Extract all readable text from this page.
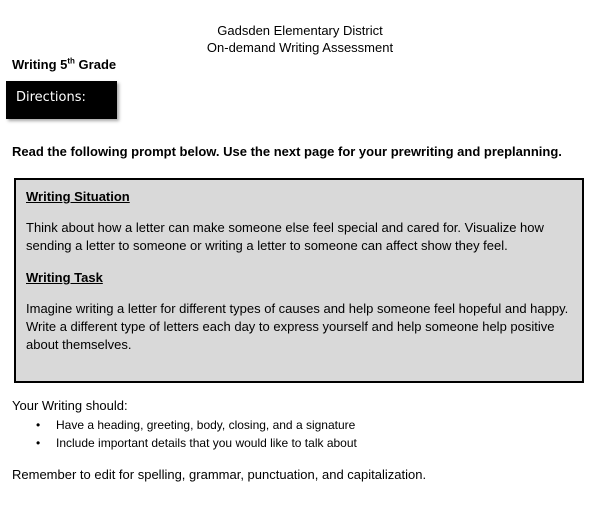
Gadsden Elementary District
On-demand Writing Assessment
Writing 5th Grade
Directions:
Read the following prompt below. Use the next page for your prewriting and preplanning.
Writing Situation
Think about how a letter can make someone else feel special and cared for. Visualize how sending a letter to someone or writing a letter to someone can affect show they feel.
Writing Task
Imagine writing a letter for different types of causes and help someone feel hopeful and happy. Write a different type of letters each day to express yourself and help someone help positive about themselves.
Your Writing should:
• Have a heading, greeting, body, closing, and a signature
• Include important details that you would like to talk about
Remember to edit for spelling, grammar, punctuation, and capitalization.
